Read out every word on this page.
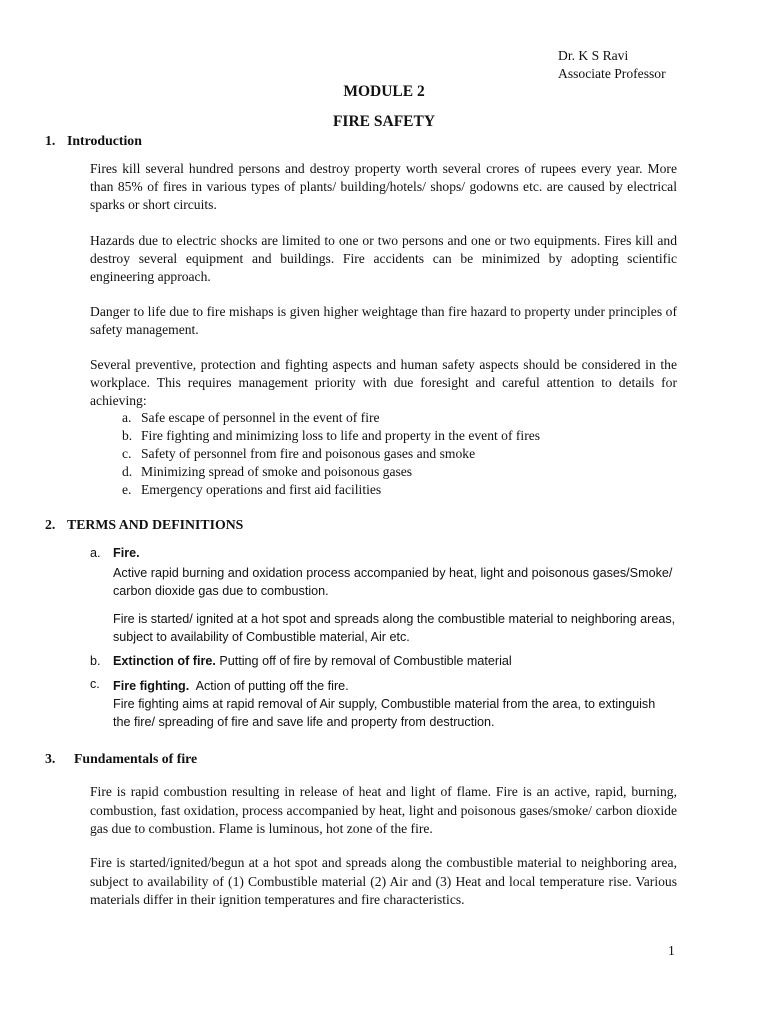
Dr. K S Ravi
Associate Professor
MODULE 2
FIRE SAFETY
1. Introduction
Fires kill several hundred persons and destroy property worth several crores of rupees every year. More than 85% of fires in various types of plants/ building/hotels/ shops/ godowns etc. are caused by electrical sparks or short circuits.
Hazards due to electric shocks are limited to one or two persons and one or two equipments. Fires kill and destroy several equipment and buildings. Fire accidents can be minimized by adopting scientific engineering approach.
Danger to life due to fire mishaps is given higher weightage than fire hazard to property under principles of safety management.
Several preventive, protection and fighting aspects and human safety aspects should be considered in the workplace. This requires management priority with due foresight and careful attention to details for achieving:
a. Safe escape of personnel in the event of fire
b. Fire fighting and minimizing loss to life and property in the event of fires
c. Safety of personnel from fire and poisonous gases and smoke
d. Minimizing spread of smoke and poisonous gases
e. Emergency operations and first aid facilities
2. TERMS AND DEFINITIONS
a. Fire.
Active rapid burning and oxidation process accompanied by heat, light and poisonous gases/Smoke/
carbon dioxide gas due to combustion.
Fire is started/ ignited at a hot spot and spreads along the combustible material to neighboring areas,
subject to availability of Combustible material, Air etc.
b. Extinction of fire. Putting off of fire by removal of Combustible material
c. Fire fighting.  Action of putting off the fire.
Fire fighting aims at rapid removal of Air supply, Combustible material from the area, to extinguish
the fire/ spreading of fire and save life and property from destruction.
3. Fundamentals of fire
Fire is rapid combustion resulting in release of heat and light of flame. Fire is an active, rapid, burning, combustion, fast oxidation, process accompanied by heat, light and poisonous gases/smoke/ carbon dioxide gas due to combustion. Flame is luminous, hot zone of the fire.
Fire is started/ignited/begun at a hot spot and spreads along the combustible material to neighboring area, subject to availability of (1) Combustible material (2) Air and (3) Heat and local temperature rise. Various materials differ in their ignition temperatures and fire characteristics.
1
